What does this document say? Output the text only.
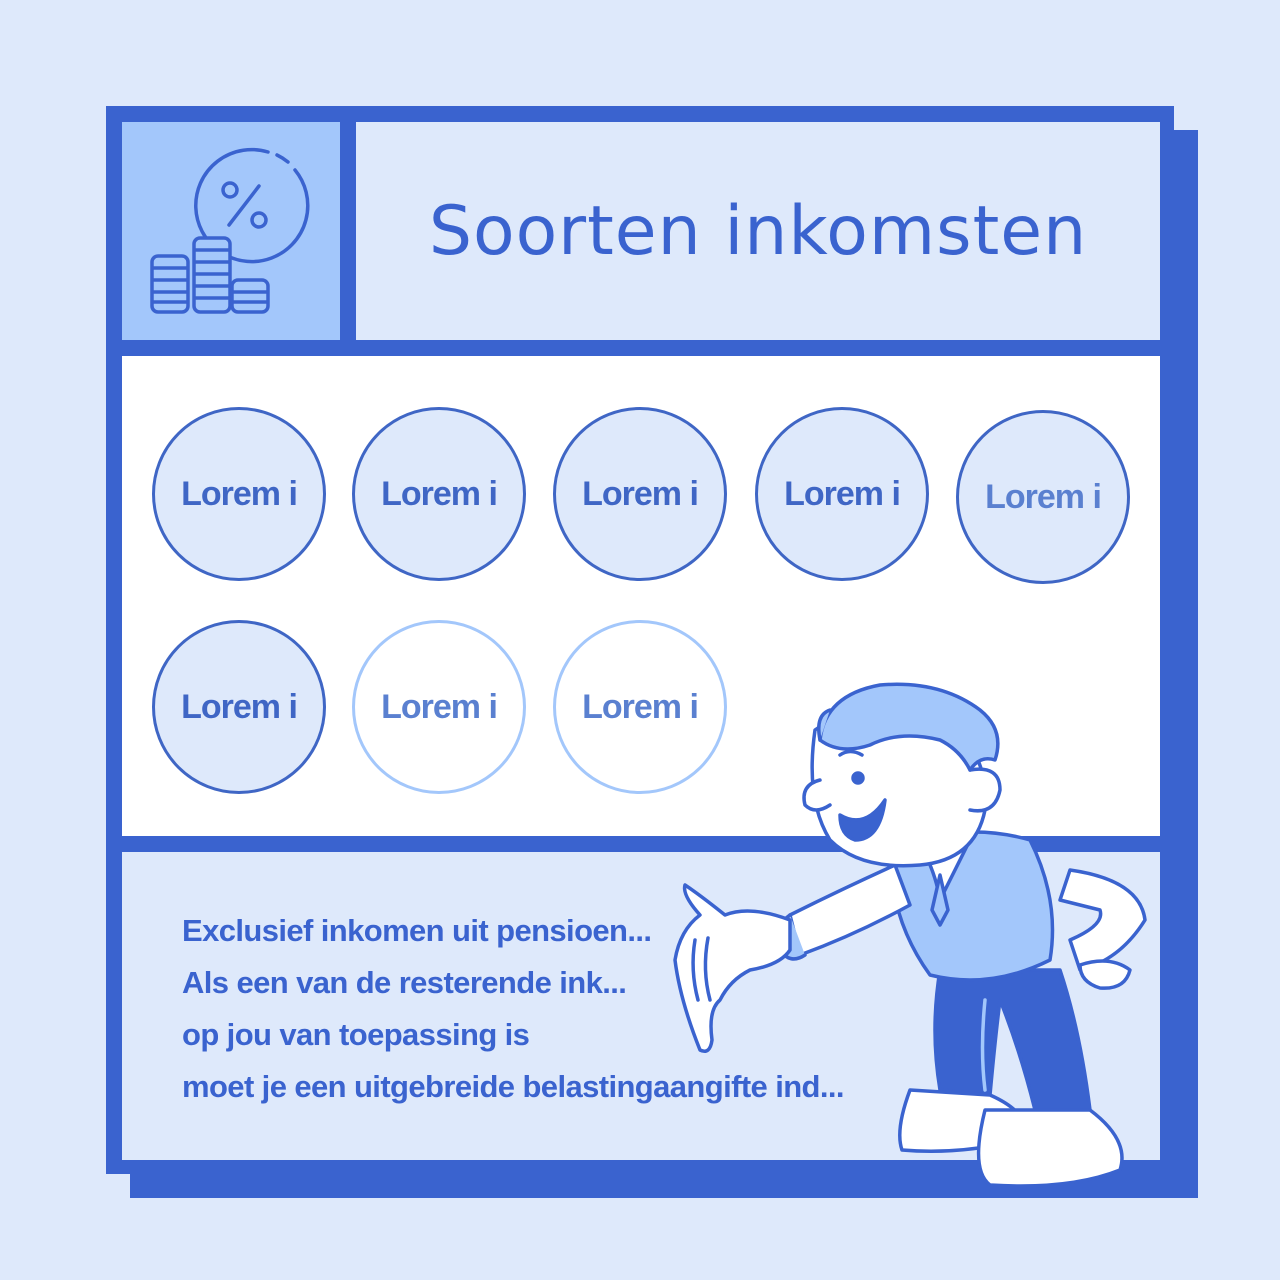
Soorten inkomsten
Lorem i Lorem i	Lorem i	Lorem i	Lorem i
Lorem i Lorem i	Lorem i
Exclusief inkomen uit pensioen...
Als een van de resterende ink...
op jou van toepassing is
moet je een uitgebreide belastingaangifte ind...
